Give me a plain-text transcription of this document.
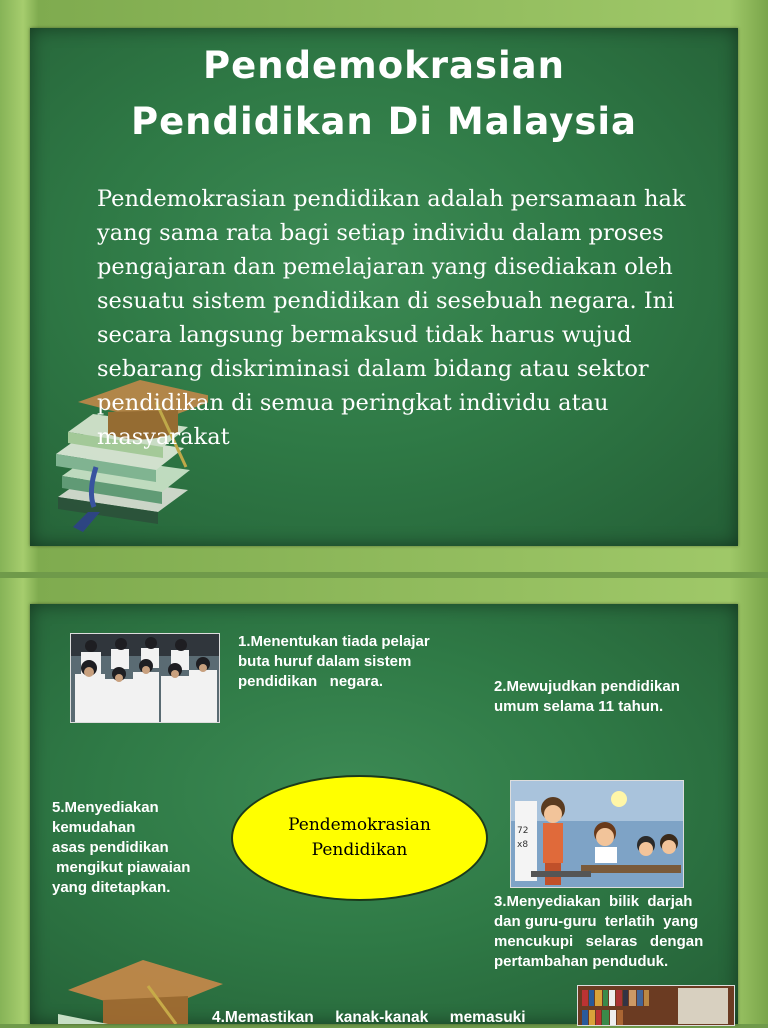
Pendemokrasian
Pendidikan Di Malaysia
Pendemokrasian pendidikan adalah persamaan hak yang sama rata bagi setiap individu dalam proses pengajaran dan pemelajaran yang disediakan oleh sesuatu sistem pendidikan di sesebuah negara. Ini secara langsung bermaksud tidak harus wujud sebarang diskriminasi dalam bidang atau sektor pendidikan di semua peringkat individu atau masyarakat
1.Menentukan tiada pelajar
buta huruf dalam sistem
pendidikan   negara.	2.Mewujudkan pendidikan
umum selama 11 tahun.
72
x8
3.Menyediakan  bilik  darjah
dan guru-guru  terlatih  yang
mencukupi   selaras   dengan
pertambahan penduduk.
5.Menyediakan
kemudahan
asas pendidikan
mengikut piawaian
yang ditetapkan.
Pendemokrasian
Pendidikan
4.Memastikan     kanak-kanak     memasuki
